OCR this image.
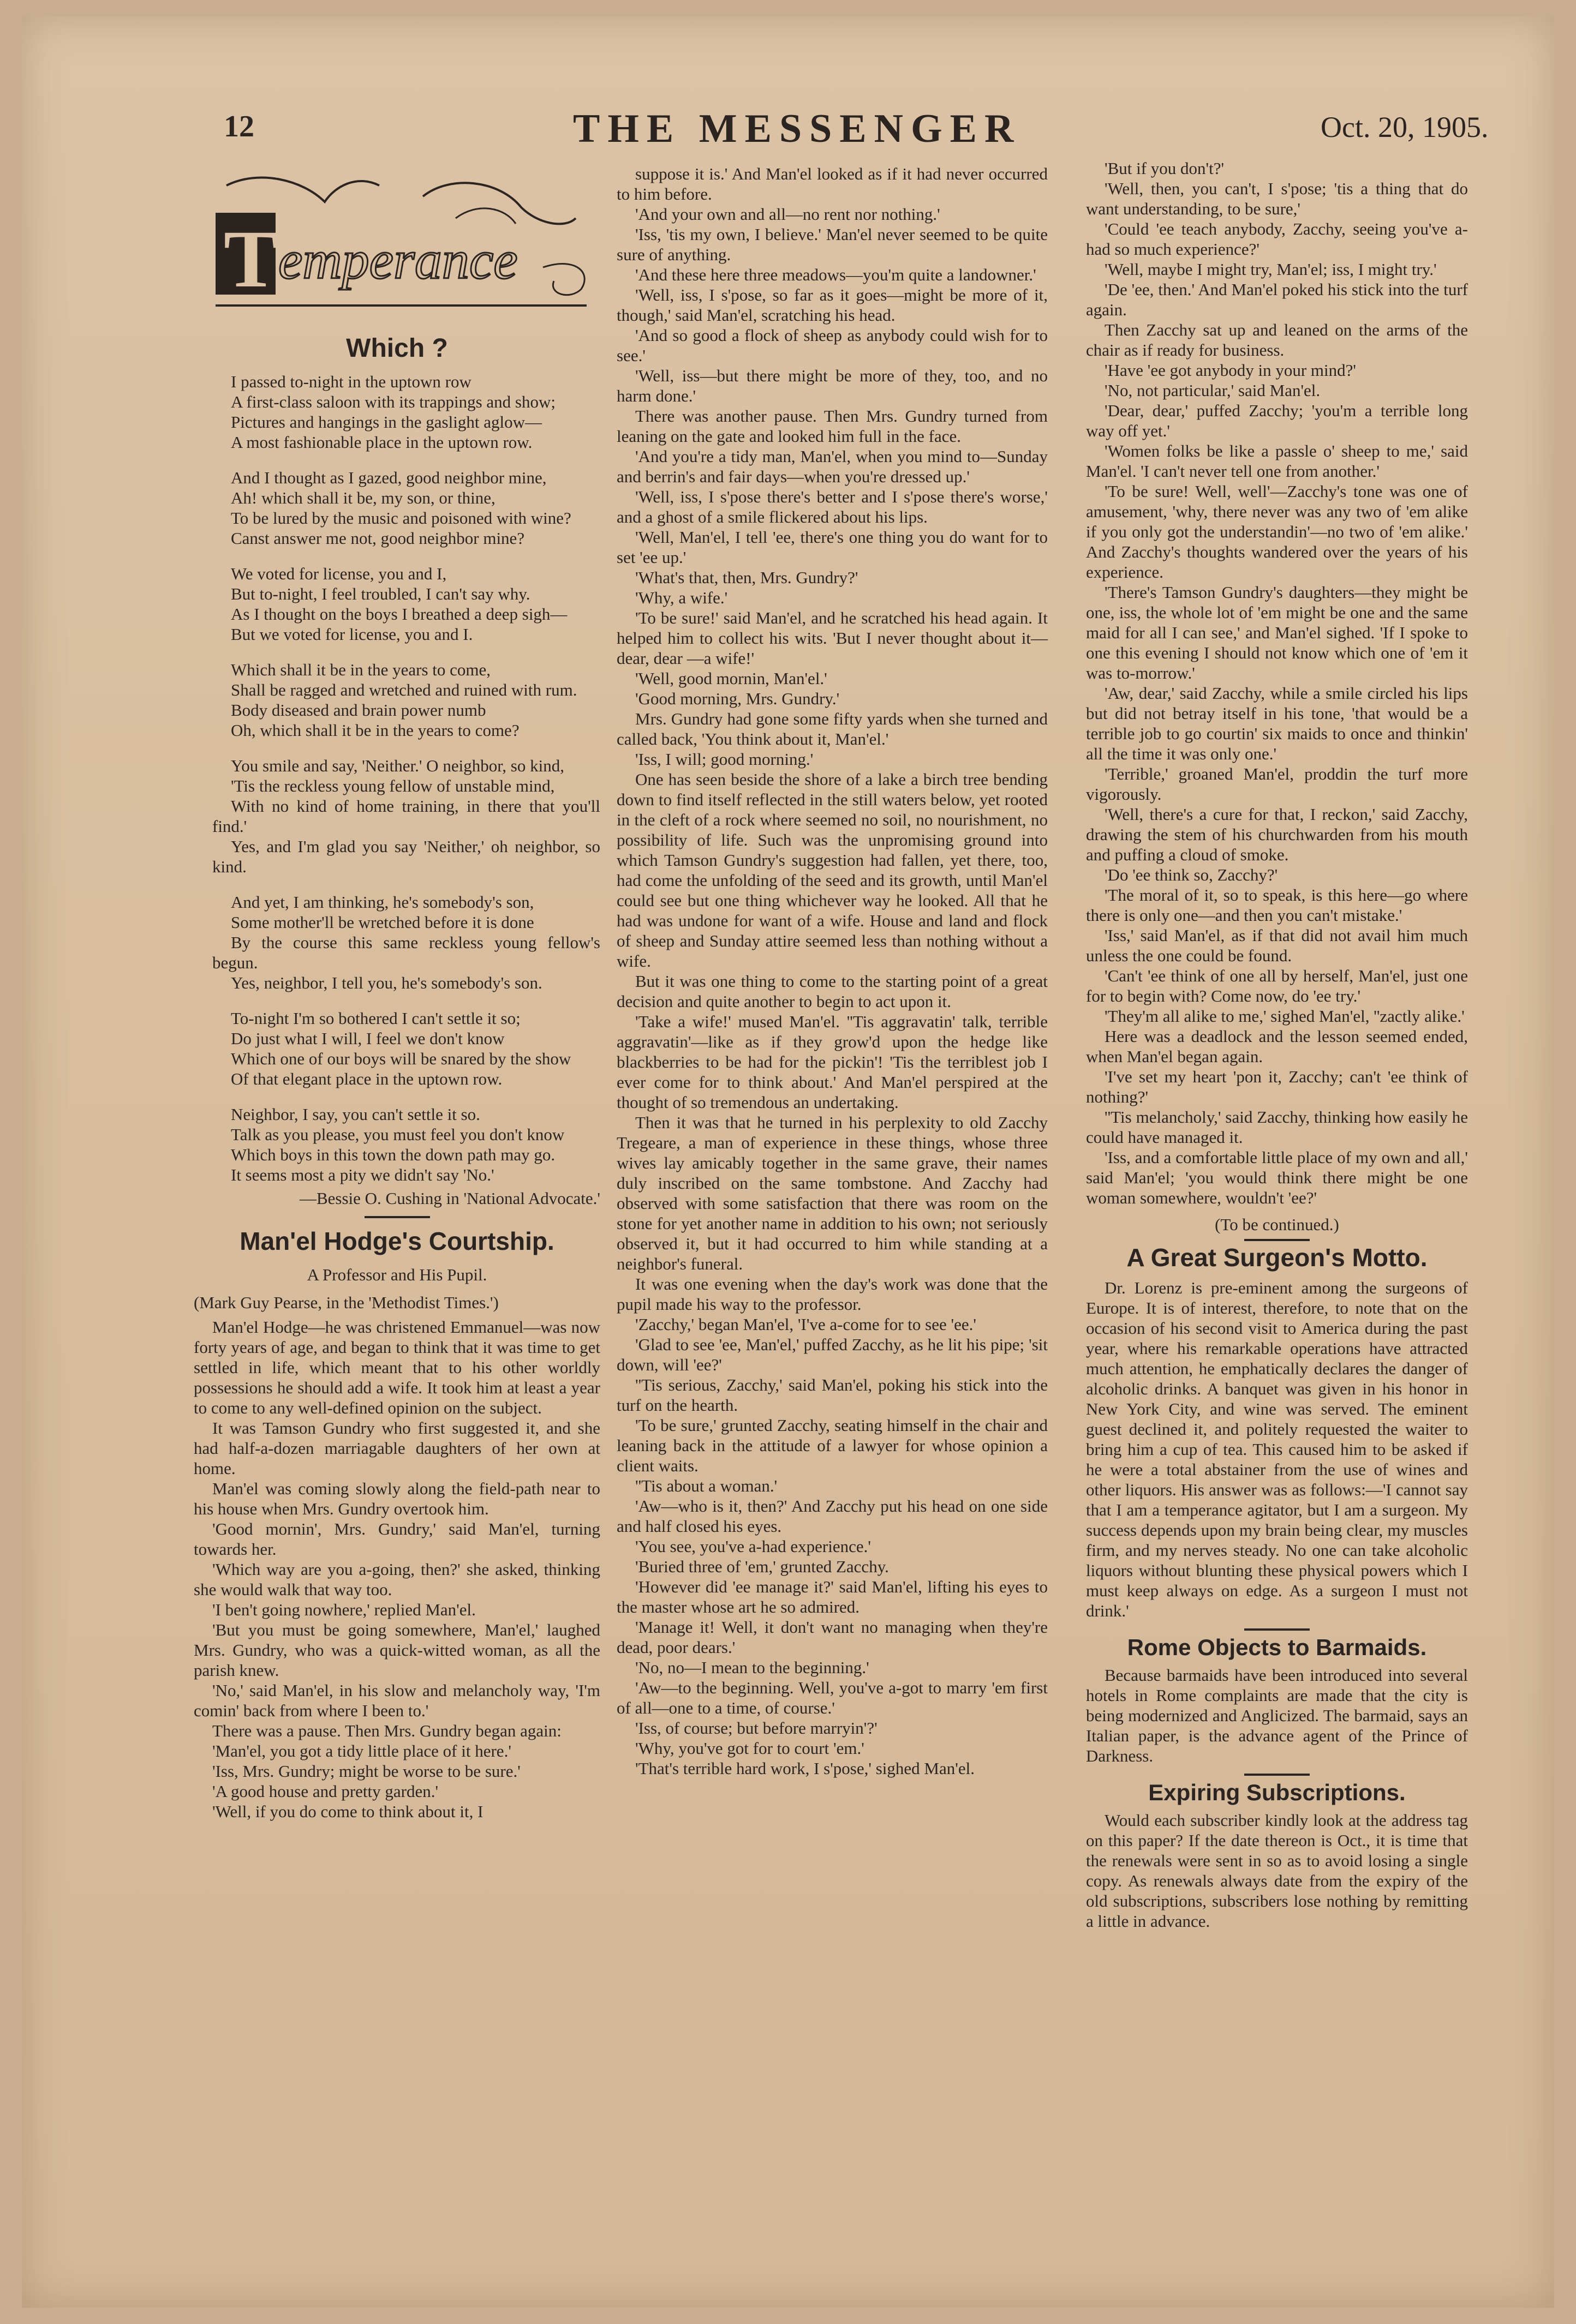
12	THE MESSENGER	Oct. 20, 1905.
T emperance
Which ?

I passed to-night in the uptown row

A first-class saloon with its trappings and show;

Pictures and hangings in the gaslight aglow—

A most fashionable place in the uptown row.

And I thought as I gazed, good neighbor mine,

Ah! which shall it be, my son, or thine,

To be lured by the music and poisoned with wine?

Canst answer me not, good neighbor mine?

We voted for license, you and I,

But to-night, I feel troubled, I can't say why.

As I thought on the boys I breathed a deep sigh—

But we voted for license, you and I.

Which shall it be in the years to come,

Shall be ragged and wretched and ruined with rum.

Body diseased and brain power numb

Oh, which shall it be in the years to come?

You smile and say, 'Neither.' O neighbor, so kind,

'Tis the reckless young fellow of unstable mind,

With no kind of home training, in there that you'll find.'

Yes, and I'm glad you say 'Neither,' oh neighbor, so kind.

And yet, I am thinking, he's somebody's son,

Some mother'll be wretched before it is done

By the course this same reckless young fellow's begun.

Yes, neighbor, I tell you, he's somebody's son.

To-night I'm so bothered I can't settle it so;

Do just what I will, I feel we don't know

Which one of our boys will be snared by the show

Of that elegant place in the uptown row.

Neighbor, I say, you can't settle it so.

Talk as you please, you must feel you don't know

Which boys in this town the down path may go.

It seems most a pity we didn't say 'No.'

—Bessie O. Cushing in 'National Advocate.'
Man'el Hodge's Courtship.
A Professor and His Pupil.
(Mark Guy Pearse, in the 'Methodist Times.')

Man'el Hodge—he was christened Emmanuel—was now forty years of age, and began to think that it was time to get settled in life, which meant that to his other worldly possessions he should add a wife. It took him at least a year to come to any well-defined opinion on the subject.

It was Tamson Gundry who first suggested it, and she had half-a-dozen marriagable daughters of her own at home.

Man'el was coming slowly along the field-path near to his house when Mrs. Gundry overtook him.

'Good mornin', Mrs. Gundry,' said Man'el, turning towards her.

'Which way are you a-going, then?' she asked, thinking she would walk that way too.

'I ben't going nowhere,' replied Man'el.

'But you must be going somewhere, Man'el,' laughed Mrs. Gundry, who was a quick-witted woman, as all the parish knew.

'No,' said Man'el, in his slow and melancholy way, 'I'm comin' back from where I been to.'

There was a pause. Then Mrs. Gundry began again:

'Man'el, you got a tidy little place of it here.'

'Iss, Mrs. Gundry; might be worse to be sure.'

'A good house and pretty garden.'

'Well, if you do come to think about it, I

suppose it is.' And Man'el looked as if it had never occurred to him before.

'And your own and all—no rent nor nothing.'

'Iss, 'tis my own, I believe.' Man'el never seemed to be quite sure of anything.

'And these here three meadows—you'm quite a landowner.'

'Well, iss, I s'pose, so far as it goes—might be more of it, though,' said Man'el, scratching his head.

'And so good a flock of sheep as anybody could wish for to see.'

'Well, iss—but there might be more of they, too, and no harm done.'

There was another pause. Then Mrs. Gundry turned from leaning on the gate and looked him full in the face.

'And you're a tidy man, Man'el, when you mind to—Sunday and berrin's and fair days—when you're dressed up.'

'Well, iss, I s'pose there's better and I s'pose there's worse,' and a ghost of a smile flickered about his lips.

'Well, Man'el, I tell 'ee, there's one thing you do want for to set 'ee up.'

'What's that, then, Mrs. Gundry?'

'Why, a wife.'

'To be sure!' said Man'el, and he scratched his head again. It helped him to collect his wits. 'But I never thought about it—dear, dear —a wife!'

'Well, good mornin, Man'el.'

'Good morning, Mrs. Gundry.'

Mrs. Gundry had gone some fifty yards when she turned and called back, 'You think about it, Man'el.'

'Iss, I will; good morning.'

One has seen beside the shore of a lake a birch tree bending down to find itself reflected in the still waters below, yet rooted in the cleft of a rock where seemed no soil, no nourishment, no possibility of life. Such was the unpromising ground into which Tamson Gundry's suggestion had fallen, yet there, too, had come the unfolding of the seed and its growth, until Man'el could see but one thing whichever way he looked. All that he had was undone for want of a wife. House and land and flock of sheep and Sunday attire seemed less than nothing without a wife.

But it was one thing to come to the starting point of a great decision and quite another to begin to act upon it.

'Take a wife!' mused Man'el. ''Tis aggravatin' talk, terrible aggravatin'—like as if they grow'd upon the hedge like blackberries to be had for the pickin'! 'Tis the terriblest job I ever come for to think about.' And Man'el perspired at the thought of so tremendous an undertaking.

Then it was that he turned in his perplexity to old Zacchy Tregeare, a man of experience in these things, whose three wives lay amicably together in the same grave, their names duly inscribed on the same tombstone. And Zacchy had observed with some satisfaction that there was room on the stone for yet another name in addition to his own; not seriously observed it, but it had occurred to him while standing at a neighbor's funeral.

It was one evening when the day's work was done that the pupil made his way to the professor.

'Zacchy,' began Man'el, 'I've a-come for to see 'ee.'

'Glad to see 'ee, Man'el,' puffed Zacchy, as he lit his pipe; 'sit down, will 'ee?'

''Tis serious, Zacchy,' said Man'el, poking his stick into the turf on the hearth.

'To be sure,' grunted Zacchy, seating himself in the chair and leaning back in the attitude of a lawyer for whose opinion a client waits.

''Tis about a woman.'

'Aw—who is it, then?' And Zacchy put his head on one side and half closed his eyes.

'You see, you've a-had experience.'

'Buried three of 'em,' grunted Zacchy.

'However did 'ee manage it?' said Man'el, lifting his eyes to the master whose art he so admired.

'Manage it! Well, it don't want no managing when they're dead, poor dears.'

'No, no—I mean to the beginning.'

'Aw—to the beginning. Well, you've a-got to marry 'em first of all—one to a time, of course.'

'Iss, of course; but before marryin'?'

'Why, you've got for to court 'em.'

'That's terrible hard work, I s'pose,' sighed Man'el.

'But if you don't?'

'Well, then, you can't, I s'pose; 'tis a thing that do want understanding, to be sure,'

'Could 'ee teach anybody, Zacchy, seeing you've a-had so much experience?'

'Well, maybe I might try, Man'el; iss, I might try.'

'De 'ee, then.' And Man'el poked his stick into the turf again.

Then Zacchy sat up and leaned on the arms of the chair as if ready for business.

'Have 'ee got anybody in your mind?'

'No, not particular,' said Man'el.

'Dear, dear,' puffed Zacchy; 'you'm a terrible long way off yet.'

'Women folks be like a passle o' sheep to me,' said Man'el. 'I can't never tell one from another.'

'To be sure! Well, well'—Zacchy's tone was one of amusement, 'why, there never was any two of 'em alike if you only got the understandin'—no two of 'em alike.' And Zacchy's thoughts wandered over the years of his experience.

'There's Tamson Gundry's daughters—they might be one, iss, the whole lot of 'em might be one and the same maid for all I can see,' and Man'el sighed. 'If I spoke to one this evening I should not know which one of 'em it was to-morrow.'

'Aw, dear,' said Zacchy, while a smile circled his lips but did not betray itself in his tone, 'that would be a terrible job to go courtin' six maids to once and thinkin' all the time it was only one.'

'Terrible,' groaned Man'el, proddin the turf more vigorously.

'Well, there's a cure for that, I reckon,' said Zacchy, drawing the stem of his churchwarden from his mouth and puffing a cloud of smoke.

'Do 'ee think so, Zacchy?'

'The moral of it, so to speak, is this here—go where there is only one—and then you can't mistake.'

'Iss,' said Man'el, as if that did not avail him much unless the one could be found.

'Can't 'ee think of one all by herself, Man'el, just one for to begin with? Come now, do 'ee try.'

'They'm all alike to me,' sighed Man'el, ''zactly alike.'

Here was a deadlock and the lesson seemed ended, when Man'el began again.

'I've set my heart 'pon it, Zacchy; can't 'ee think of nothing?'

''Tis melancholy,' said Zacchy, thinking how easily he could have managed it.

'Iss, and a comfortable little place of my own and all,' said Man'el; 'you would think there might be one woman somewhere, wouldn't 'ee?'

(To be continued.)
A Great Surgeon's Motto.

Dr. Lorenz is pre-eminent among the surgeons of Europe. It is of interest, therefore, to note that on the occasion of his second visit to America during the past year, where his remarkable operations have attracted much attention, he emphatically declares the danger of alcoholic drinks. A banquet was given in his honor in New York City, and wine was served. The eminent guest declined it, and politely requested the waiter to bring him a cup of tea. This caused him to be asked if he were a total abstainer from the use of wines and other liquors. His answer was as follows:—'I cannot say that I am a temperance agitator, but I am a surgeon. My success depends upon my brain being clear, my muscles firm, and my nerves steady. No one can take alcoholic liquors without blunting these physical powers which I must keep always on edge. As a surgeon I must not drink.'

Rome Objects to Barmaids.

Because barmaids have been introduced into several hotels in Rome complaints are made that the city is being modernized and Anglicized. The barmaid, says an Italian paper, is the advance agent of the Prince of Darkness.

Expiring Subscriptions.

Would each subscriber kindly look at the address tag on this paper? If the date thereon is Oct., it is time that the renewals were sent in so as to avoid losing a single copy. As renewals always date from the expiry of the old subscriptions, subscribers lose nothing by remitting a little in advance.
